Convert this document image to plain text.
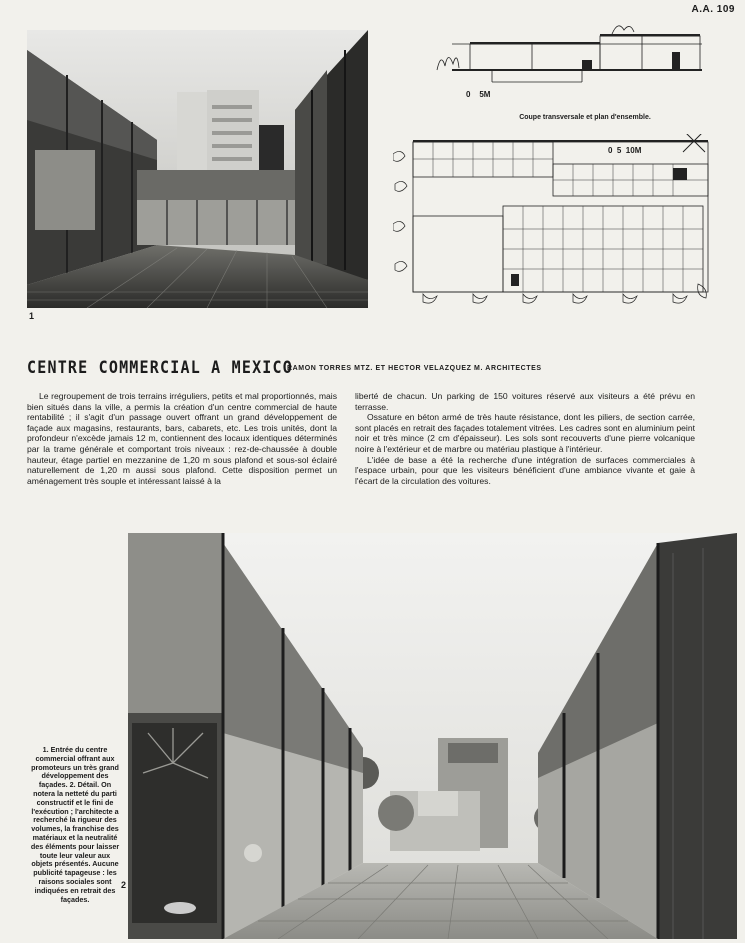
A.A. 109
1
0    5M
Coupe transversale et plan d'ensemble.
0  5  10M
CENTRE COMMERCIAL A MEXICO
RAMON TORRES MTZ. ET HECTOR VELAZQUEZ M. ARCHITECTES

Le regroupement de trois terrains irréguliers, petits et mal proportionnés, mais bien situés dans la ville, a permis la création d'un centre commercial de haute rentabilité ; il s'agit d'un passage ouvert offrant un grand développement de façade aux magasins, restaurants, bars, cabarets, etc. Les trois unités, dont la profondeur n'excède jamais 12 m, contiennent des locaux identiques déterminés par la trame générale et comportant trois niveaux : rez-de-chaussée à double hauteur, étage partiel en mezzanine de 1,20 m sous plafond et sous-sol éclairé naturellement de 1,20 m aussi sous plafond. Cette disposition permet un aménagement très souple et intéressant laissé à la

liberté de chacun. Un parking de 150 voitures réservé aux visiteurs a été prévu en terrasse.

Ossature en béton armé de très haute résistance, dont les piliers, de section carrée, sont placés en retrait des façades totalement vitrées. Les cadres sont en aluminium peint noir et très mince (2 cm d'épaisseur). Les sols sont recouverts d'une pierre volcanique noire à l'extérieur et de marbre ou matériau plastique à l'intérieur.

L'idée de base a été la recherche d'une intégration de surfaces commerciales à l'espace urbain, pour que les visiteurs bénéficient d'une ambiance vivante et gaie à l'écart de la circulation des voitures.

1. Entrée du centre commercial offrant aux promoteurs un très grand développement des façades. 2. Détail. On notera la netteté du parti constructif et le fini de l'exécution ; l'architecte a recherché la rigueur des volumes, la franchise des matériaux et la neutralité des éléments pour laisser toute leur valeur aux objets présentés. Aucune publicité tapageuse : les raisons sociales sont indiquées en retrait des façades.
2
